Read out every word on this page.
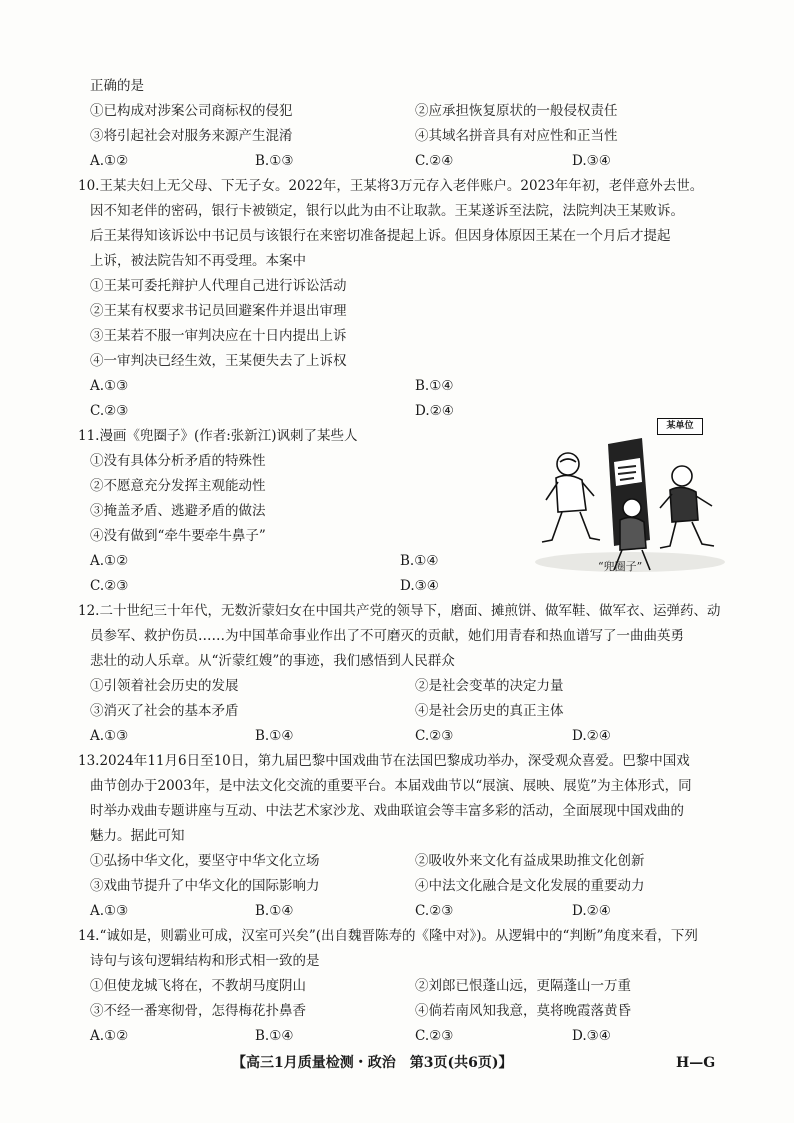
正确的是
①已构成对涉案公司商标权的侵犯	②应承担恢复原状的一般侵权责任
③将引起社会对服务来源产生混淆	④其域名拼音具有对应性和正当性
A.①②	B.①③	C.②④	D.③④
10.王某夫妇上无父母、下无子女。2022年，王某将3万元存入老伴账户。2023年年初，老伴意外去世。
因不知老伴的密码，银行卡被锁定，银行以此为由不让取款。王某遂诉至法院，法院判决王某败诉。
后王某得知该诉讼中书记员与该银行在来密切准备提起上诉。但因身体原因王某在一个月后才提起
上诉，被法院告知不再受理。本案中
①王某可委托辩护人代理自己进行诉讼活动
②王某有权要求书记员回避案件并退出审理
③王某若不服一审判决应在十日内提出上诉
④一审判决已经生效，王某便失去了上诉权
A.①③	B.①④
C.②③	D.②④
11.漫画《兜圈子》(作者:张新江)讽刺了某些人
①没有具体分析矛盾的特殊性
②不愿意充分发挥主观能动性
③掩盖矛盾、逃避矛盾的做法
④没有做到“牵牛要牵牛鼻子”
A.①②	B.①④
C.②③	D.③④
某单位
“兜圈子”
12.二十世纪三十年代，无数沂蒙妇女在中国共产党的领导下，磨面、摊煎饼、做军鞋、做军衣、运弹药、动
员参军、救护伤员……为中国革命事业作出了不可磨灭的贡献，她们用青春和热血谱写了一曲曲英勇
悲壮的动人乐章。从“沂蒙红嫂”的事迹，我们感悟到人民群众
①引领着社会历史的发展	②是社会变革的决定力量
③消灭了社会的基本矛盾	④是社会历史的真正主体
A.①③	B.①④	C.②③	D.②④
13.2024年11月6日至10日，第九届巴黎中国戏曲节在法国巴黎成功举办，深受观众喜爱。巴黎中国戏
曲节创办于2003年，是中法文化交流的重要平台。本届戏曲节以“展演、展映、展览”为主体形式，同
时举办戏曲专题讲座与互动、中法艺术家沙龙、戏曲联谊会等丰富多彩的活动，全面展现中国戏曲的
魅力。据此可知
①弘扬中华文化，要坚守中华文化立场	②吸收外来文化有益成果助推文化创新
③戏曲节提升了中华文化的国际影响力	④中法文化融合是文化发展的重要动力
A.①③	B.①④	C.②③	D.②④
14.“诚如是，则霸业可成，汉室可兴矣”(出自魏晋陈寿的《隆中对》)。从逻辑中的“判断”角度来看，下列
诗句与该句逻辑结构和形式相一致的是
①但使龙城飞将在，不教胡马度阴山	②刘郎已恨蓬山远，更隔蓬山一万重
③不经一番寒彻骨，怎得梅花扑鼻香	④倘若南风知我意，莫将晚霞落黄昏
A.①②	B.①④	C.②③	D.③④
【高三1月质量检测・政治　第3页(共6页)】	H—G
